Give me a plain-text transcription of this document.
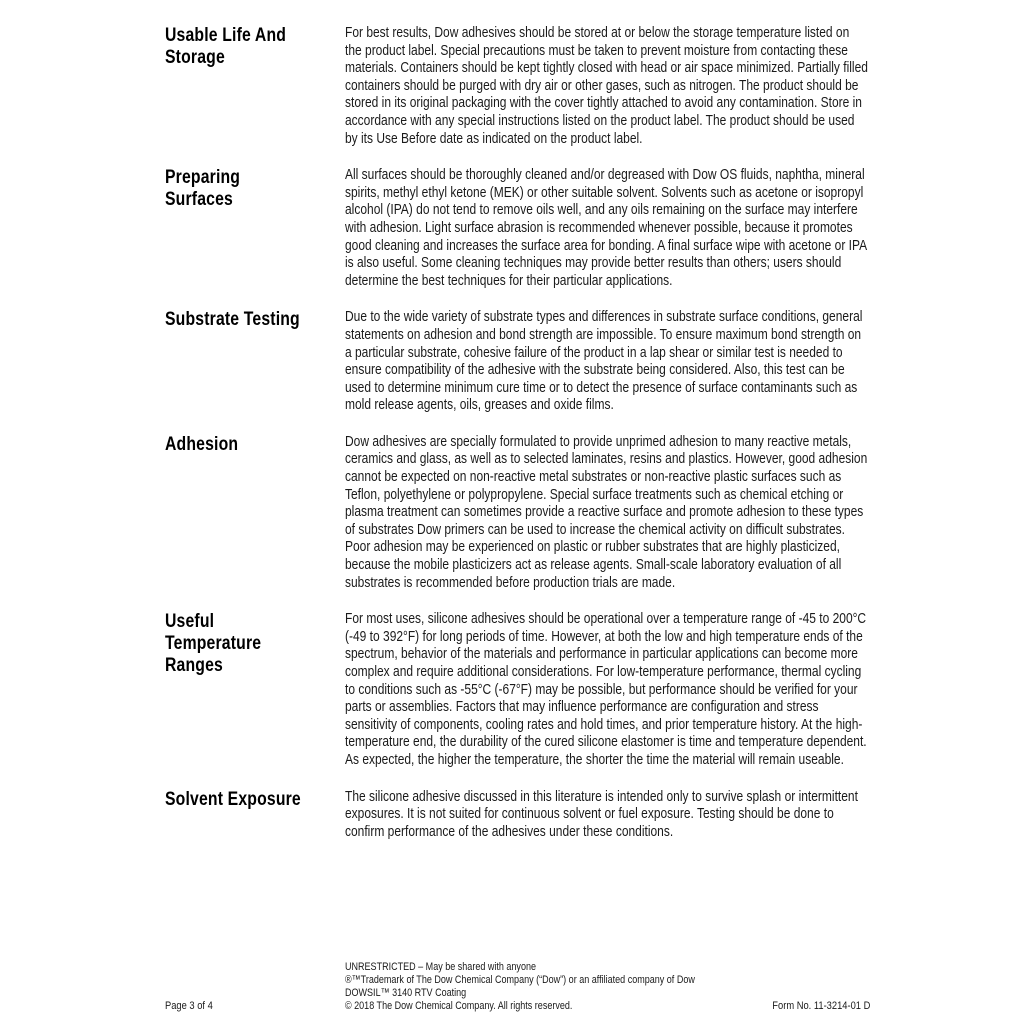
Usable Life And
Storage

For best results, Dow adhesives should be stored at or below the storage temperature listed on the product label. Special precautions must be taken to prevent moisture from contacting these materials. Containers should be kept tightly closed with head or air space minimized. Partially filled containers should be purged with dry air or other gases, such as nitrogen. The product should be stored in its original packaging with the cover tightly attached to avoid any contamination. Store in accordance with any special instructions listed on the product label. The product should be used by its Use Before date as indicated on the product label.

Preparing
Surfaces

All surfaces should be thoroughly cleaned and/or degreased with Dow OS fluids, naphtha, mineral spirits, methyl ethyl ketone (MEK) or other suitable solvent. Solvents such as acetone or isopropyl alcohol (IPA) do not tend to remove oils well, and any oils remaining on the surface may interfere with adhesion. Light surface abrasion is recommended whenever possible, because it promotes good cleaning and increases the surface area for bonding. A final surface wipe with acetone or IPA is also useful. Some cleaning techniques may provide better results than others; users should determine the best techniques for their particular applications.

Substrate Testing	Due to the wide variety of substrate types and differences in substrate surface conditions, general statements on adhesion and bond strength are impossible. To ensure maximum bond strength on a particular substrate, cohesive failure of the product in a lap shear or similar test is needed to ensure compatibility of the adhesive with the substrate being considered. Also, this test can be used to determine minimum cure time or to detect the presence of surface contaminants such as mold release agents, oils, greases and oxide films.

Adhesion	Dow adhesives are specially formulated to provide unprimed adhesion to many reactive metals, ceramics and glass, as well as to selected laminates, resins and plastics. However, good adhesion cannot be expected on non-reactive metal substrates or non-reactive plastic surfaces such as Teflon, polyethylene or polypropylene. Special surface treatments such as chemical etching or plasma treatment can sometimes provide a reactive surface and promote adhesion to these types of substrates Dow primers can be used to increase the chemical activity on difficult substrates. Poor adhesion may be experienced on plastic or rubber substrates that are highly plasticized, because the mobile plasticizers act as release agents. Small-scale laboratory evaluation of all substrates is recommended before production trials are made.

Useful
Temperature
Ranges

For most uses, silicone adhesives should be operational over a temperature range of -45 to 200°C (-49 to 392°F) for long periods of time. However, at both the low and high temperature ends of the spectrum, behavior of the materials and performance in particular applications can become more complex and require additional considerations. For low-temperature performance, thermal cycling to conditions such as -55°C (-67°F) may be possible, but performance should be verified for your parts or assemblies. Factors that may influence performance are configuration and stress sensitivity of components, cooling rates and hold times, and prior temperature history. At the high-temperature end, the durability of the cured silicone elastomer is time and temperature dependent. As expected, the higher the temperature, the shorter the time the material will remain useable.

Solvent Exposure	The silicone adhesive discussed in this literature is intended only to survive splash or intermittent exposures. It is not suited for continuous solvent or fuel exposure. Testing should be done to confirm performance of the adhesives under these conditions.

Page 3 of 4
UNRESTRICTED – May be shared with anyone
®™Trademark of The Dow Chemical Company (“Dow”) or an affiliated company of Dow
DOWSIL™ 3140 RTV Coating
© 2018 The Dow Chemical Company. All rights reserved.	Form No. 11-3214-01 D
